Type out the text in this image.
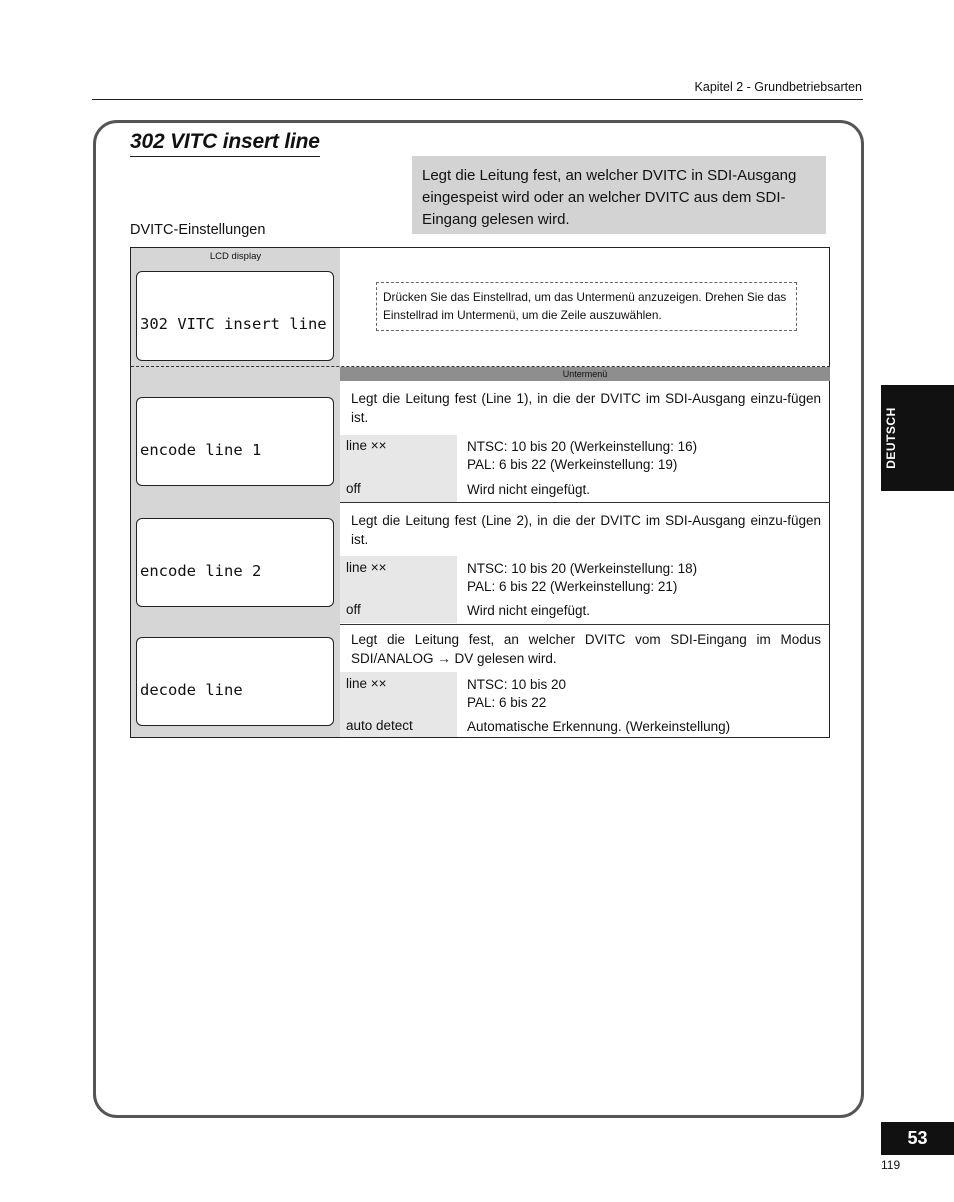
Kapitel 2 - Grundbetriebsarten
302 VITC insert line
Legt die Leitung fest, an welcher DVITC in SDI-Ausgang eingespeist wird oder an welcher DVITC aus dem SDI-Eingang gelesen wird.
DVITC-Einstellungen
LCD display

302 VITC insert line

Drücken Sie das Einstellrad, um das Untermenü anzuzeigen. Drehen Sie das Einstellrad im Untermenü, um die Zeile auszuwählen.
Untermenü

encode line 1

Legt die Leitung fest (Line 1), in die der DVITC im SDI-Ausgang einzu-fügen ist.
line ××	NTSC: 10 bis 20 (Werkeinstellung: 16)
PAL: 6 bis 22 (Werkeinstellung: 19)
off	Wird nicht eingefügt.

encode line 2

Legt die Leitung fest (Line 2), in die der DVITC im SDI-Ausgang einzu-fügen ist.
line ××	NTSC: 10 bis 20 (Werkeinstellung: 18)
PAL: 6 bis 22 (Werkeinstellung: 21)
off	Wird nicht eingefügt.

decode line

Legt die Leitung fest, an welcher DVITC vom SDI-Eingang im Modus SDI/ANALOG → DV gelesen wird.
line ××	NTSC: 10 bis 20
PAL: 6 bis 22
auto detect	Automatische Erkennung. (Werkeinstellung)
DEUTSCH
53
119
